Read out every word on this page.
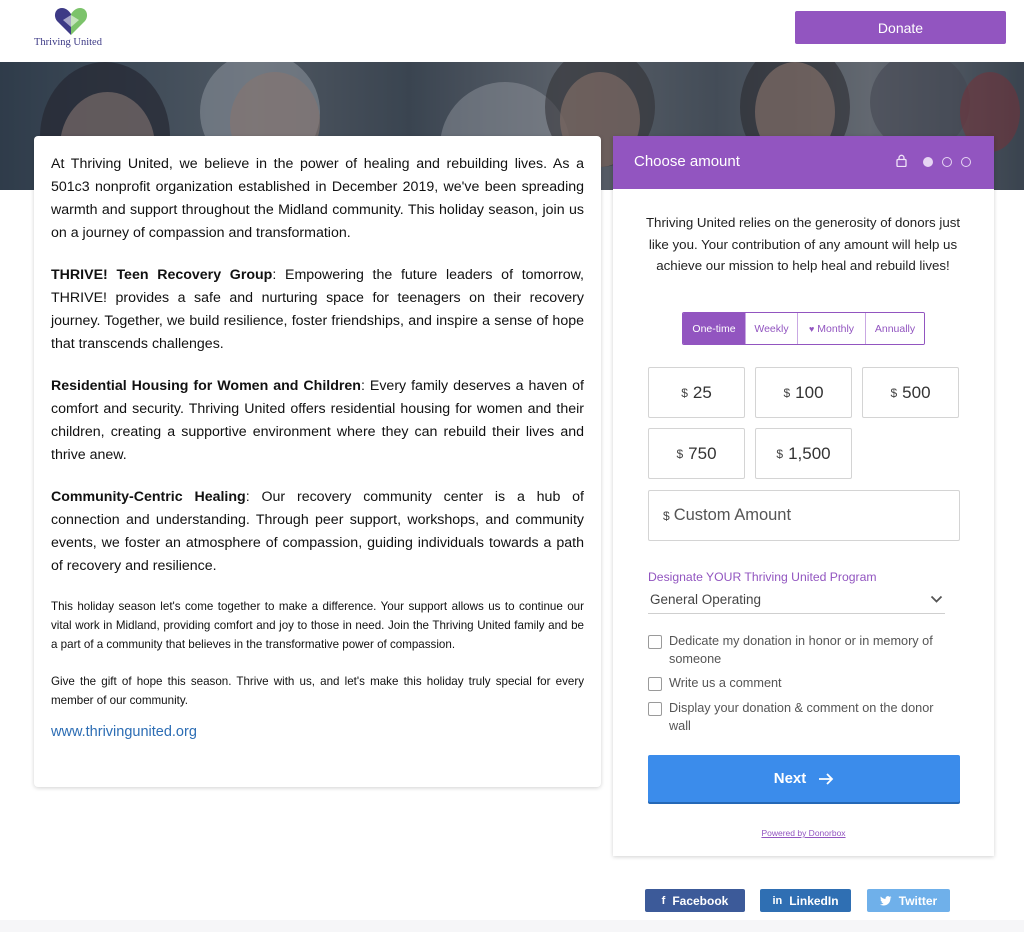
Thriving United
Donate

At Thriving United, we believe in the power of healing and rebuilding lives. As a 501c3 nonprofit organization established in December 2019, we've been spreading warmth and support throughout the Midland community. This holiday season, join us on a journey of compassion and transformation.

THRIVE! Teen Recovery Group: Empowering the future leaders of tomorrow, THRIVE! provides a safe and nurturing space for teenagers on their recovery journey. Together, we build resilience, foster friendships, and inspire a sense of hope that transcends challenges.

Residential Housing for Women and Children: Every family deserves a haven of comfort and security. Thriving United offers residential housing for women and their children, creating a supportive environment where they can rebuild their lives and thrive anew.

Community-Centric Healing: Our recovery community center is a hub of connection and understanding. Through peer support, workshops, and community events, we foster an atmosphere of compassion, guiding individuals towards a path of recovery and resilience.

This holiday season let's come together to make a difference. Your support allows us to continue our vital work in Midland, providing comfort and joy to those in need. Join the Thriving United family and be a part of a community that believes in the transformative power of compassion.

Give the gift of hope this season. Thrive with us, and let's make this holiday truly special for every member of our community.

www.thrivingunited.org
Choose amount
Thriving United relies on the generosity of donors just like you. Your contribution of any amount will help us achieve our mission to help heal and rebuild lives!
One-time	Weekly	♥ Monthly	Annually
$ 25	$ 100	$ 500
$ 750	$ 1,500
$
Custom Amount
Designate YOUR Thriving United Program
General Operating
Dedicate my donation in honor or in memory of someone
Write us a comment
Display your donation & comment on the donor wall
Next
Powered by Donorbox
f Facebook	in LinkedIn	Twitter
